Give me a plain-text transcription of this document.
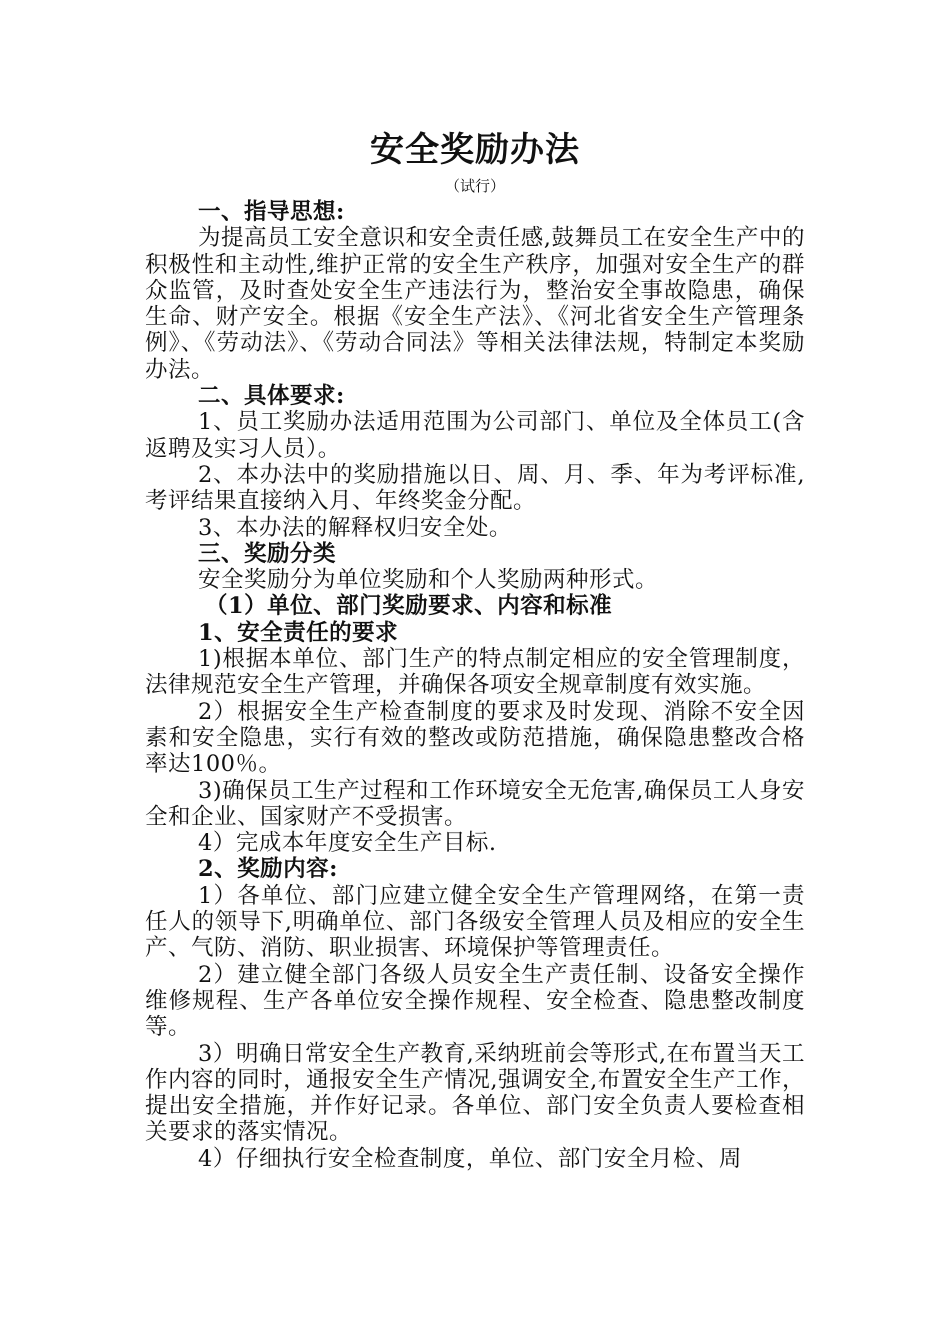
安全奖励办法
（试行）

一、指导思想:

为提高员工安全意识和安全责任感,鼓舞员工在安全生产中的积极性和主动性,维护正常的安全生产秩序，加强对安全生产的群众监管，及时查处安全生产违法行为，整治安全事故隐患，确保生命、财产安全。根据《安全生产法》、《河北省安全生产管理条例》、《劳动法》、《劳动合同法》等相关法律法规，特制定本奖励办法。

二、具体要求:

1、员工奖励办法适用范围为公司部门、单位及全体员工(含返聘及实习人员）。

2、本办法中的奖励措施以日、周、月、季、年为考评标准,考评结果直接纳入月、年终奖金分配。

3、本办法的解释权归安全处。

三、奖励分类

安全奖励分为单位奖励和个人奖励两种形式。

（1）单位、部门奖励要求、内容和标准

1、安全责任的要求

1)根据本单位、部门生产的特点制定相应的安全管理制度，法律规范安全生产管理，并确保各项安全规章制度有效实施。

2）根据安全生产检查制度的要求及时发现、消除不安全因素和安全隐患，实行有效的整改或防范措施，确保隐患整改合格率达100％。

3)确保员工生产过程和工作环境安全无危害,确保员工人身安全和企业、国家财产不受损害。

4）完成本年度安全生产目标.

2、奖励内容:

1）各单位、部门应建立健全安全生产管理网络，在第一责任人的领导下,明确单位、部门各级安全管理人员及相应的安全生产、气防、消防、职业损害、环境保护等管理责任。

2）建立健全部门各级人员安全生产责任制、设备安全操作维修规程、生产各单位安全操作规程、安全检查、隐患整改制度等。

3）明确日常安全生产教育,采纳班前会等形式,在布置当天工作内容的同时，通报安全生产情况,强调安全,布置安全生产工作，提出安全措施，并作好记录。各单位、部门安全负责人要检查相关要求的落实情况。

4）仔细执行安全检查制度，单位、部门安全月检、周
